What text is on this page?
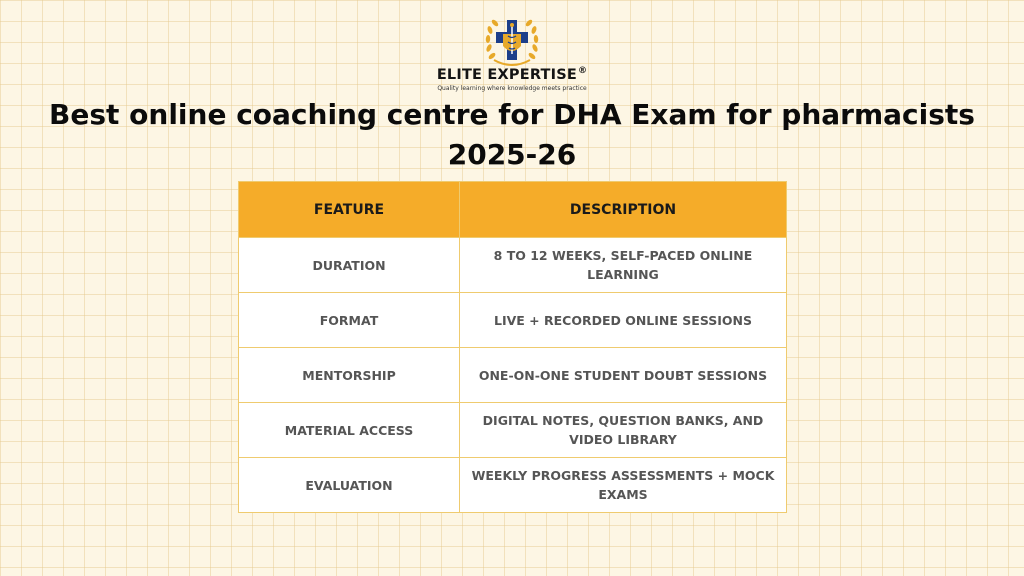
ELITE EXPERTISE®
Quality learning where knowledge meets practice
Best online coaching centre for DHA Exam for pharmacists 2025-26
FEATURE	DESCRIPTION
DURATION	8 TO 12 WEEKS, SELF-PACED ONLINE LEARNING
FORMAT	LIVE + RECORDED ONLINE SESSIONS
MENTORSHIP	ONE-ON-ONE STUDENT DOUBT SESSIONS
MATERIAL ACCESS	DIGITAL NOTES, QUESTION BANKS, AND VIDEO LIBRARY
EVALUATION	WEEKLY PROGRESS ASSESSMENTS + MOCK EXAMS
